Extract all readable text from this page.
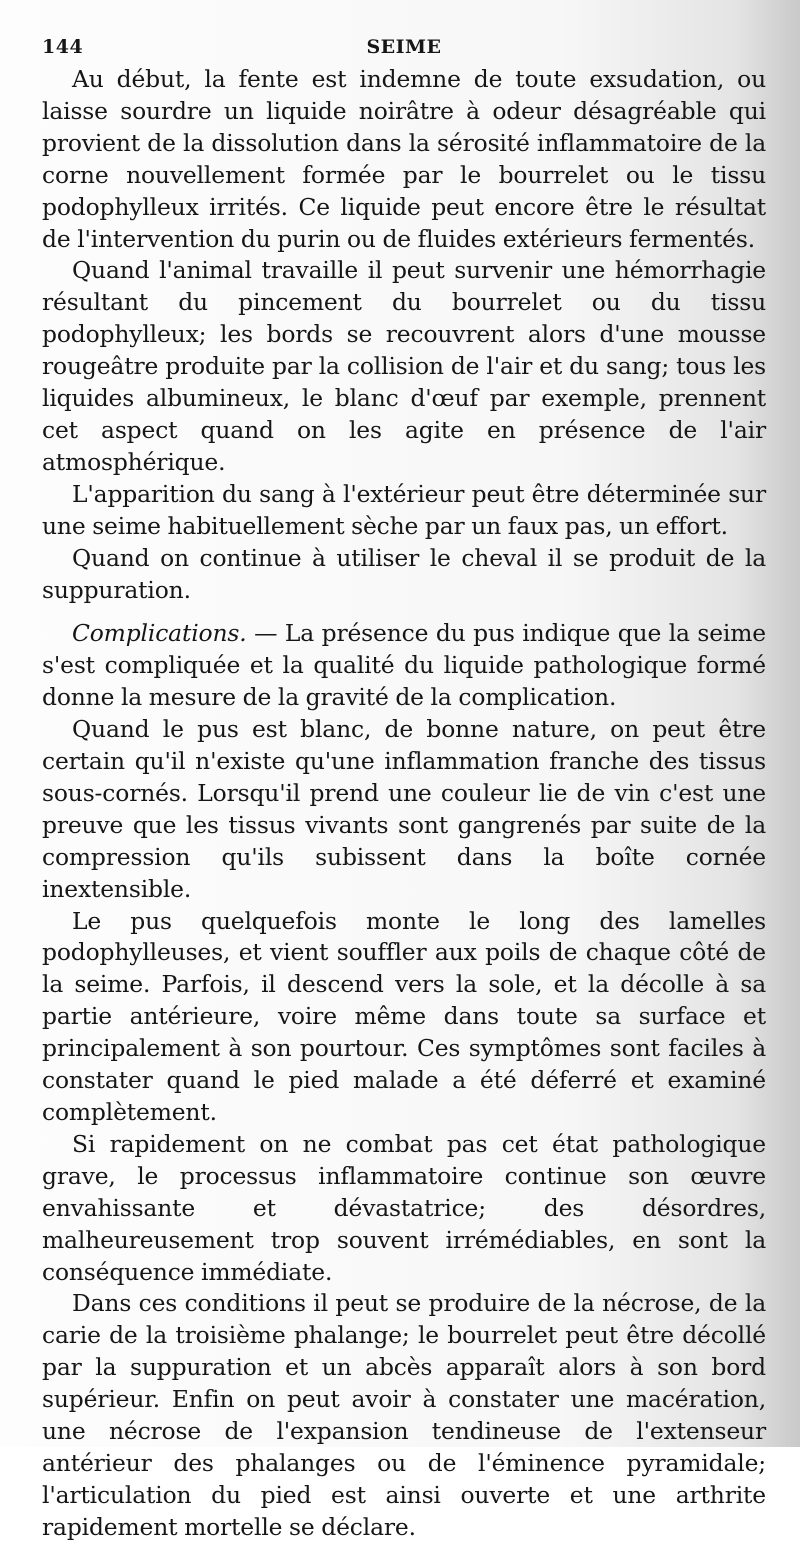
144	SEIME

Au début, la fente est indemne de toute exsudation, ou laisse sourdre un liquide noirâtre à odeur désagréable qui provient de la dissolution dans la sérosité inflammatoire de la corne nouvellement formée par le bourrelet ou le tissu podophylleux irrités. Ce liquide peut encore être le résultat de l'intervention du purin ou de fluides extérieurs fermentés.

Quand l'animal travaille il peut survenir une hémorrhagie résultant du pincement du bourrelet ou du tissu podophylleux; les bords se recouvrent alors d'une mousse rougeâtre produite par la collision de l'air et du sang; tous les liquides albumineux, le blanc d'œuf par exemple, prennent cet aspect quand on les agite en présence de l'air atmosphérique.

L'apparition du sang à l'extérieur peut être déterminée sur une seime habituellement sèche par un faux pas, un effort.

Quand on continue à utiliser le cheval il se produit de la suppuration.

Complications. — La présence du pus indique que la seime s'est compliquée et la qualité du liquide pathologique formé donne la mesure de la gravité de la complication.

Quand le pus est blanc, de bonne nature, on peut être certain qu'il n'existe qu'une inflammation franche des tissus sous-cornés. Lorsqu'il prend une couleur lie de vin c'est une preuve que les tissus vivants sont gangrenés par suite de la compression qu'ils subissent dans la boîte cornée inextensible.

Le pus quelquefois monte le long des lamelles podophylleuses, et vient souffler aux poils de chaque côté de la seime. Parfois, il descend vers la sole, et la décolle à sa partie antérieure, voire même dans toute sa surface et principalement à son pourtour. Ces symptômes sont faciles à constater quand le pied malade a été déferré et examiné complètement.

Si rapidement on ne combat pas cet état pathologique grave, le processus inflammatoire continue son œuvre envahissante et dévastatrice; des désordres, malheureusement trop souvent irrémédiables, en sont la conséquence immédiate.

Dans ces conditions il peut se produire de la nécrose, de la carie de la troisième phalange; le bourrelet peut être décollé par la suppuration et un abcès apparaît alors à son bord supérieur. Enfin on peut avoir à constater une macération, une nécrose de l'expansion tendineuse de l'extenseur antérieur des phalanges ou de l'éminence pyramidale; l'articulation du pied est ainsi ouverte et une arthrite rapidement mortelle se déclare.
